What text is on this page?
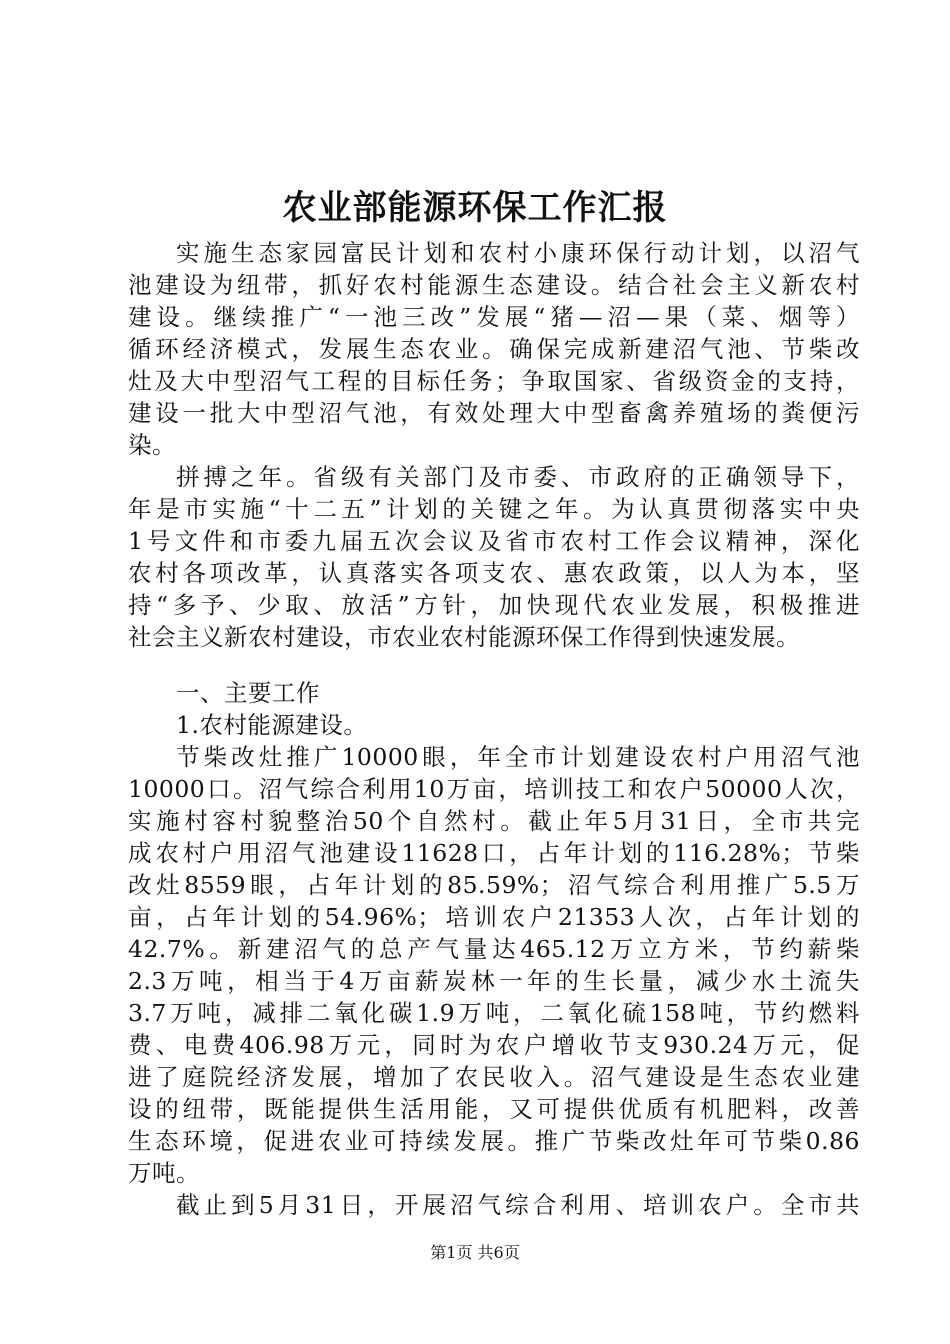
农业部能源环保工作汇报
实施生态家园富民计划和农村小康环保行动计划，以沼气
池建设为纽带，抓好农村能源生态建设。结合社会主义新农村
建设。继续推广“一池三改”发展“猪—沼—果（菜、烟等）
循环经济模式，发展生态农业。确保完成新建沼气池、节柴改
灶及大中型沼气工程的目标任务；争取国家、省级资金的支持，
建设一批大中型沼气池，有效处理大中型畜禽养殖场的粪便污
染。
拼搏之年。省级有关部门及市委、市政府的正确领导下，
年是市实施“十二五”计划的关键之年。为认真贯彻落实中央
1号文件和市委九届五次会议及省市农村工作会议精神，深化
农村各项改革，认真落实各项支农、惠农政策，以人为本，坚
持“多予、少取、放活”方针，加快现代农业发展，积极推进
社会主义新农村建设，市农业农村能源环保工作得到快速发展。
一、主要工作
1.农村能源建设。
节柴改灶推广10000眼，年全市计划建设农村户用沼气池
10000口。沼气综合利用10万亩，培训技工和农户50000人次，
实施村容村貌整治50个自然村。截止年5月31日，全市共完
成农村户用沼气池建设11628口，占年计划的116.28%；节柴
改灶8559眼，占年计划的85.59%；沼气综合利用推广5.5万
亩，占年计划的54.96%；培训农户21353人次，占年计划的
42.7%。新建沼气的总产气量达465.12万立方米，节约薪柴
2.3万吨，相当于4万亩薪炭林一年的生长量，减少水土流失
3.7万吨，减排二氧化碳1.9万吨，二氧化硫158吨，节约燃料
费、电费406.98万元，同时为农户增收节支930.24万元，促
进了庭院经济发展，增加了农民收入。沼气建设是生态农业建
设的纽带，既能提供生活用能，又可提供优质有机肥料，改善
生态环境，促进农业可持续发展。推广节柴改灶年可节柴0.86
万吨。
截止到5月31日，开展沼气综合利用、培训农户。全市共
第1页 共6页
